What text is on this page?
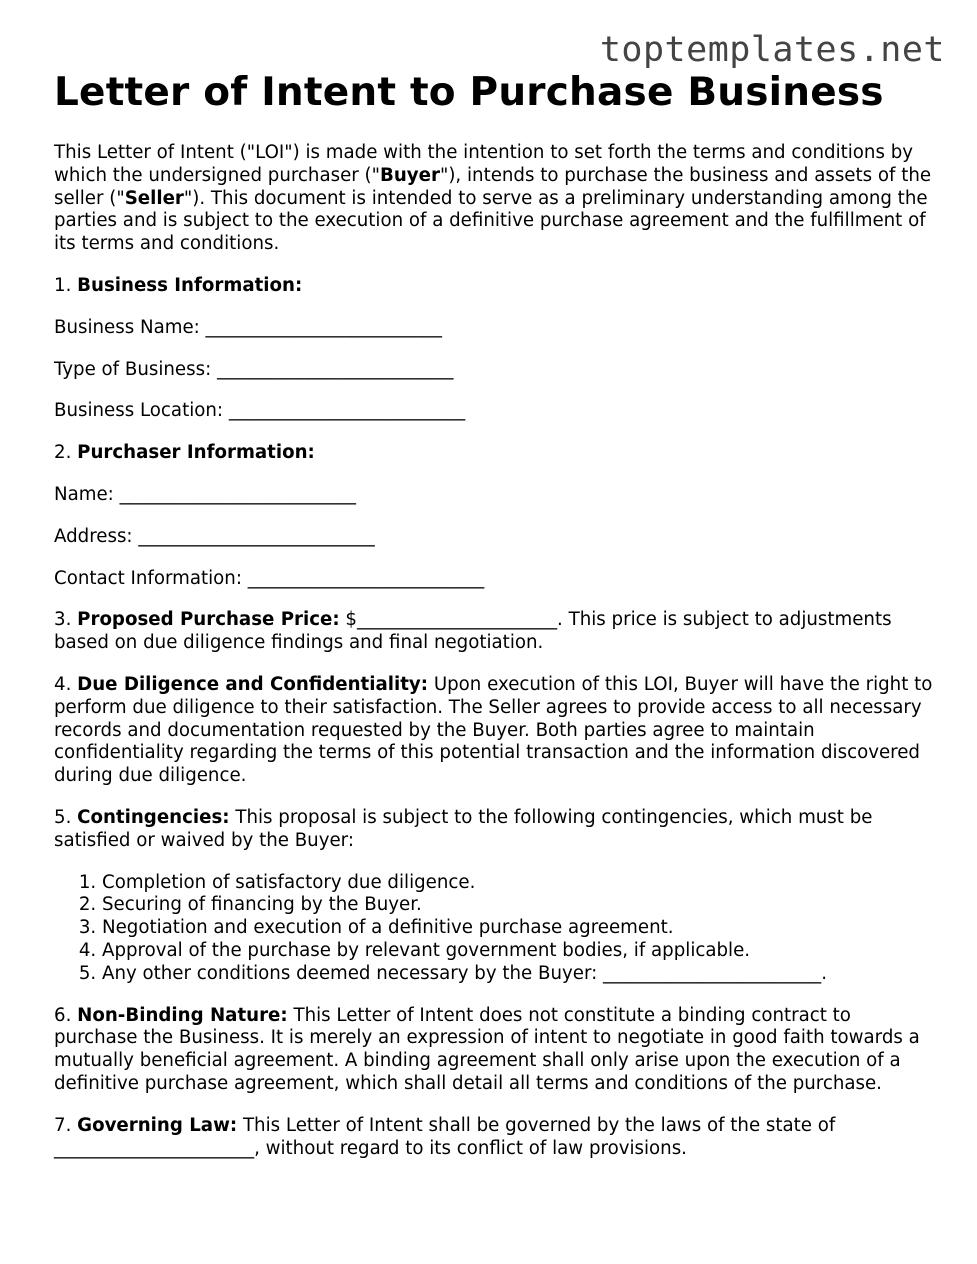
toptemplates.net
Letter of Intent to Purchase Business

This Letter of Intent ("LOI") is made with the intention to set forth the terms and conditions by which the undersigned purchaser ("Buyer"), intends to purchase the business and assets of the seller ("Seller"). This document is intended to serve as a preliminary understanding among the parties and is subject to the execution of a definitive purchase agreement and the fulfillment of its terms and conditions.

1. Business Information:

Business Name: __________________________

Type of Business: __________________________

Business Location: __________________________

2. Purchaser Information:

Name: __________________________

Address: __________________________

Contact Information: __________________________

3. Proposed Purchase Price: $______________________. This price is subject to adjustments based on due diligence findings and final negotiation.

4. Due Diligence and Confidentiality: Upon execution of this LOI, Buyer will have the right to perform due diligence to their satisfaction. The Seller agrees to provide access to all necessary records and documentation requested by the Buyer. Both parties agree to maintain confidentiality regarding the terms of this potential transaction and the information discovered during due diligence.

5. Contingencies: This proposal is subject to the following contingencies, which must be satisfied or waived by the Buyer:

1. Completion of satisfactory due diligence.
2. Securing of financing by the Buyer.
3. Negotiation and execution of a definitive purchase agreement.
4. Approval of the purchase by relevant government bodies, if applicable.
5. Any other conditions deemed necessary by the Buyer: ________________________.

6. Non-Binding Nature: This Letter of Intent does not constitute a binding contract to purchase the Business. It is merely an expression of intent to negotiate in good faith towards a mutually beneficial agreement. A binding agreement shall only arise upon the execution of a definitive purchase agreement, which shall detail all terms and conditions of the purchase.

7. Governing Law: This Letter of Intent shall be governed by the laws of the state of ______________________, without regard to its conflict of law provisions.
